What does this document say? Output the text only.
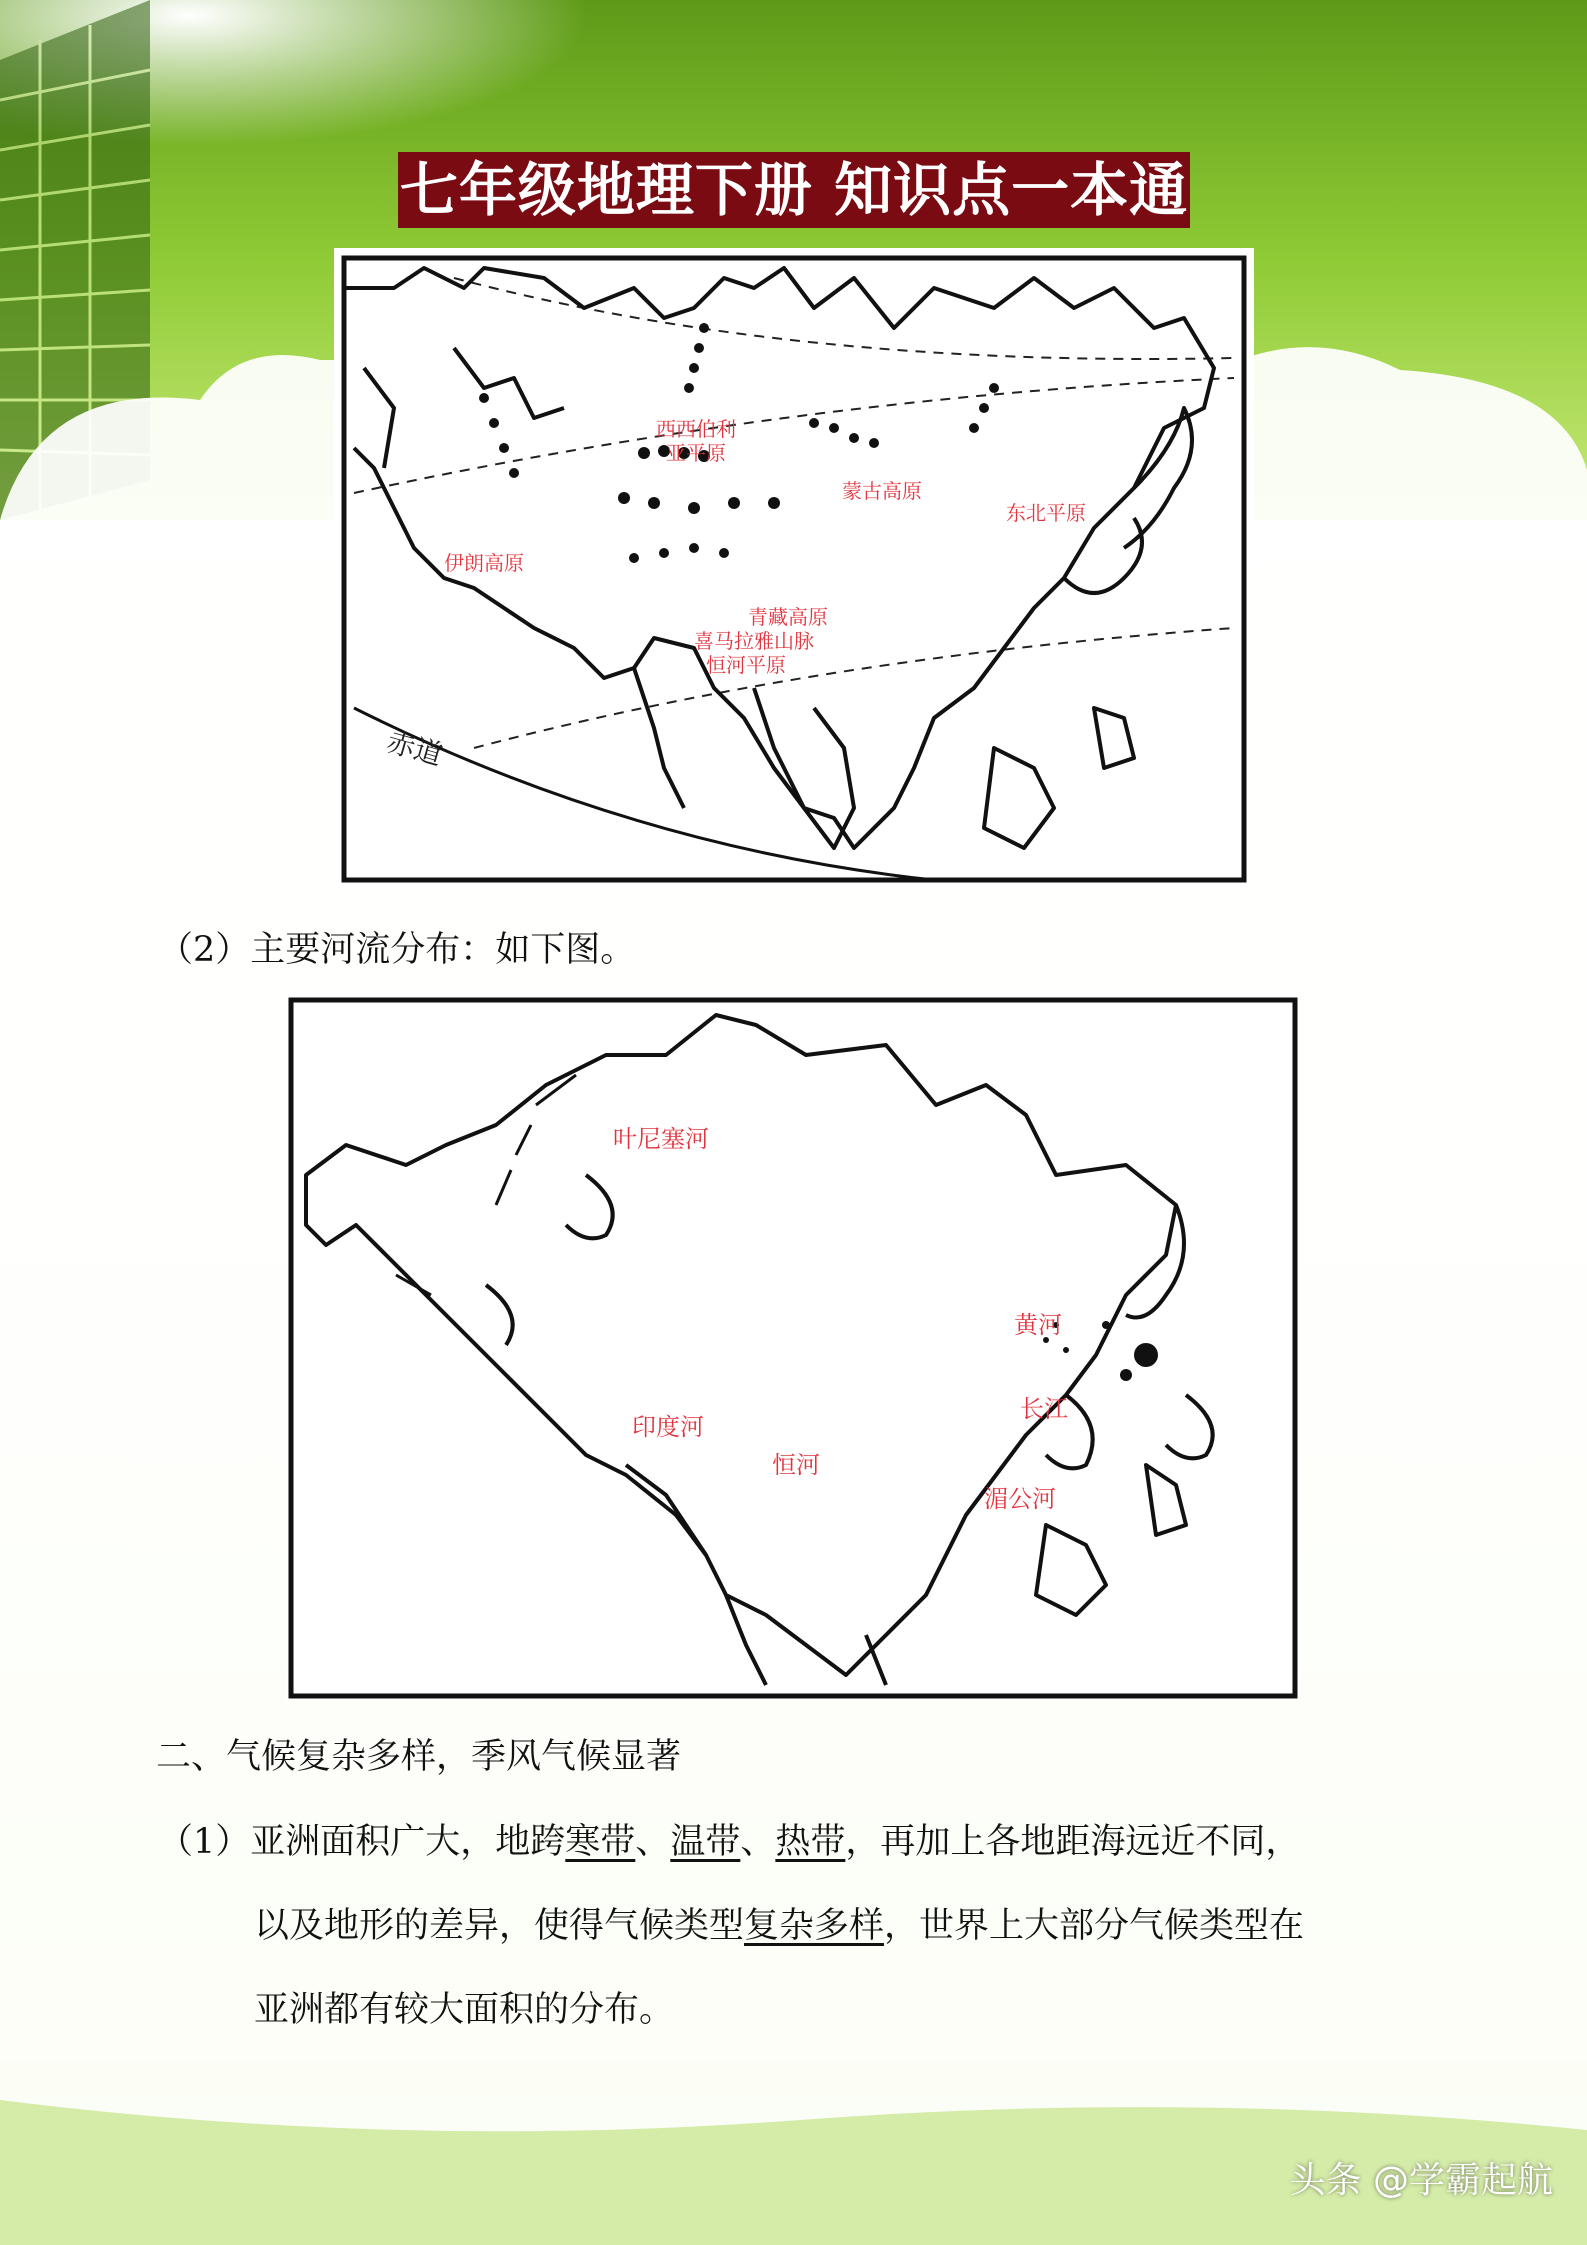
七年级地理下册 知识点一本通
西西伯利
亚平原
蒙古高原
东北平原
伊朗高原
青藏高原
喜马拉雅山脉
恒河平原
赤道
（2）主要河流分布：如下图。
叶尼塞河
黄河
长江
印度河
恒河
湄公河
二、气候复杂多样，季风气候显著
（1）亚洲面积广大，地跨寒带、温带、热带，再加上各地距海远近不同，
以及地形的差异，使得气候类型复杂多样，世界上大部分气候类型在
亚洲都有较大面积的分布。
头条 @学霸起航
